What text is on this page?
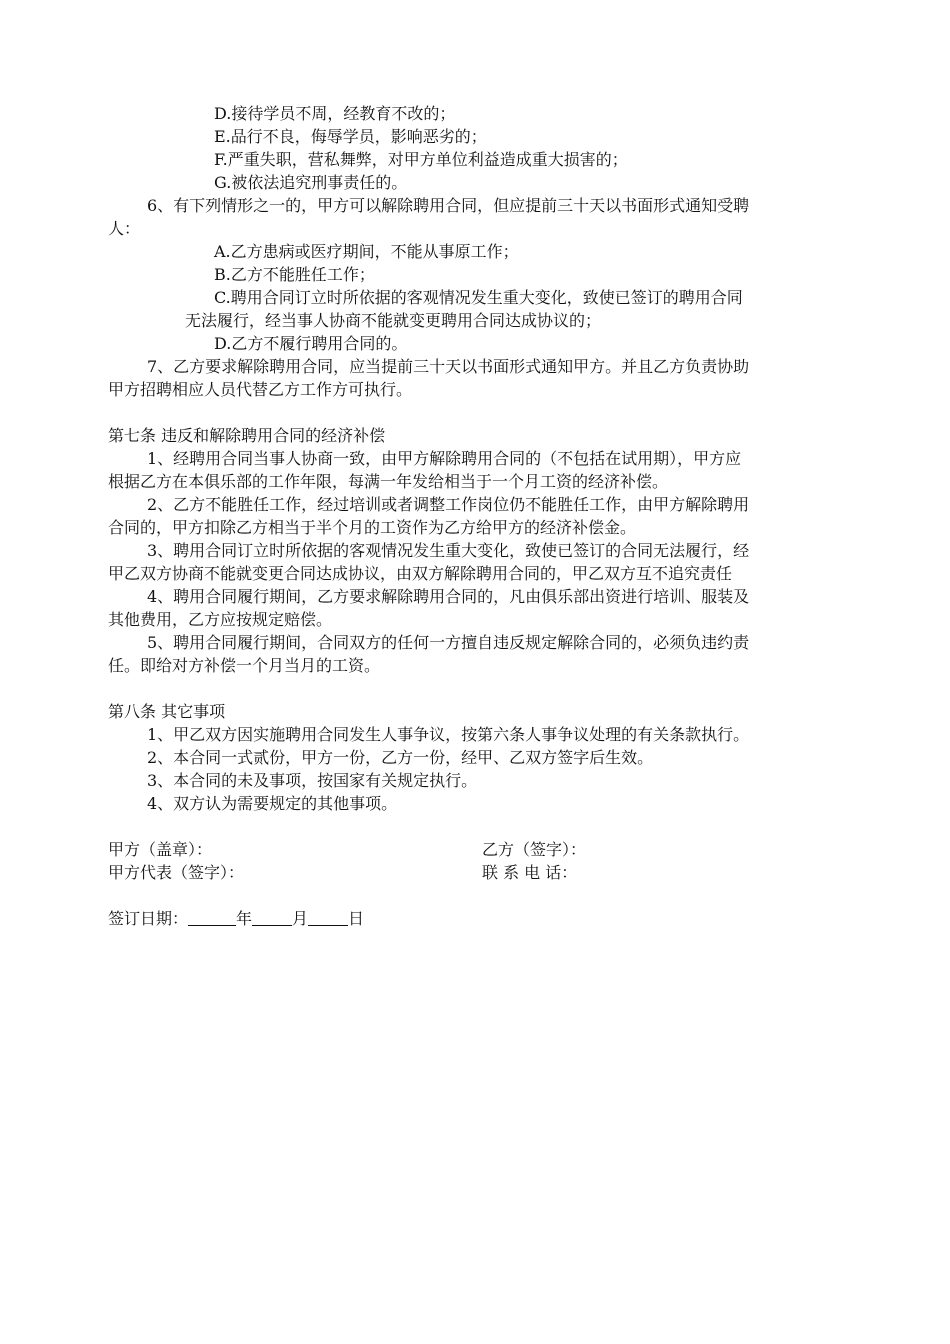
D.接待学员不周，经教育不改的；
E.品行不良，侮辱学员，影响恶劣的；
F.严重失职，营私舞弊，对甲方单位利益造成重大损害的；
G.被依法追究刑事责任的。
6、有下列情形之一的，甲方可以解除聘用合同，但应提前三十天以书面形式通知受聘
人：
A.乙方患病或医疗期间，不能从事原工作；
B.乙方不能胜任工作；
C.聘用合同订立时所依据的客观情况发生重大变化，致使已签订的聘用合同
无法履行，经当事人协商不能就变更聘用合同达成协议的；
D.乙方不履行聘用合同的。
7、乙方要求解除聘用合同，应当提前三十天以书面形式通知甲方。并且乙方负责协助
甲方招聘相应人员代替乙方工作方可执行。
第七条 违反和解除聘用合同的经济补偿
1、经聘用合同当事人协商一致，由甲方解除聘用合同的（不包括在试用期），甲方应
根据乙方在本俱乐部的工作年限，每满一年发给相当于一个月工资的经济补偿。
2、乙方不能胜任工作，经过培训或者调整工作岗位仍不能胜任工作，由甲方解除聘用
合同的，甲方扣除乙方相当于半个月的工资作为乙方给甲方的经济补偿金。
3、聘用合同订立时所依据的客观情况发生重大变化，致使已签订的合同无法履行，经
甲乙双方协商不能就变更合同达成协议，由双方解除聘用合同的，甲乙双方互不追究责任
4、聘用合同履行期间，乙方要求解除聘用合同的，凡由俱乐部出资进行培训、服装及
其他费用，乙方应按规定赔偿。
5、聘用合同履行期间，合同双方的任何一方擅自违反规定解除合同的，必须负违约责
任。即给对方补偿一个月当月的工资。
第八条 其它事项
1、甲乙双方因实施聘用合同发生人事争议，按第六条人事争议处理的有关条款执行。
2、本合同一式贰份，甲方一份，乙方一份，经甲、乙双方签字后生效。
3、本合同的未及事项，按国家有关规定执行。
4、双方认为需要规定的其他事项。
甲方（盖章）：	乙方（签字）：
甲方代表（签字）：	联 系 电 话：
签订日期：	年	月	日
